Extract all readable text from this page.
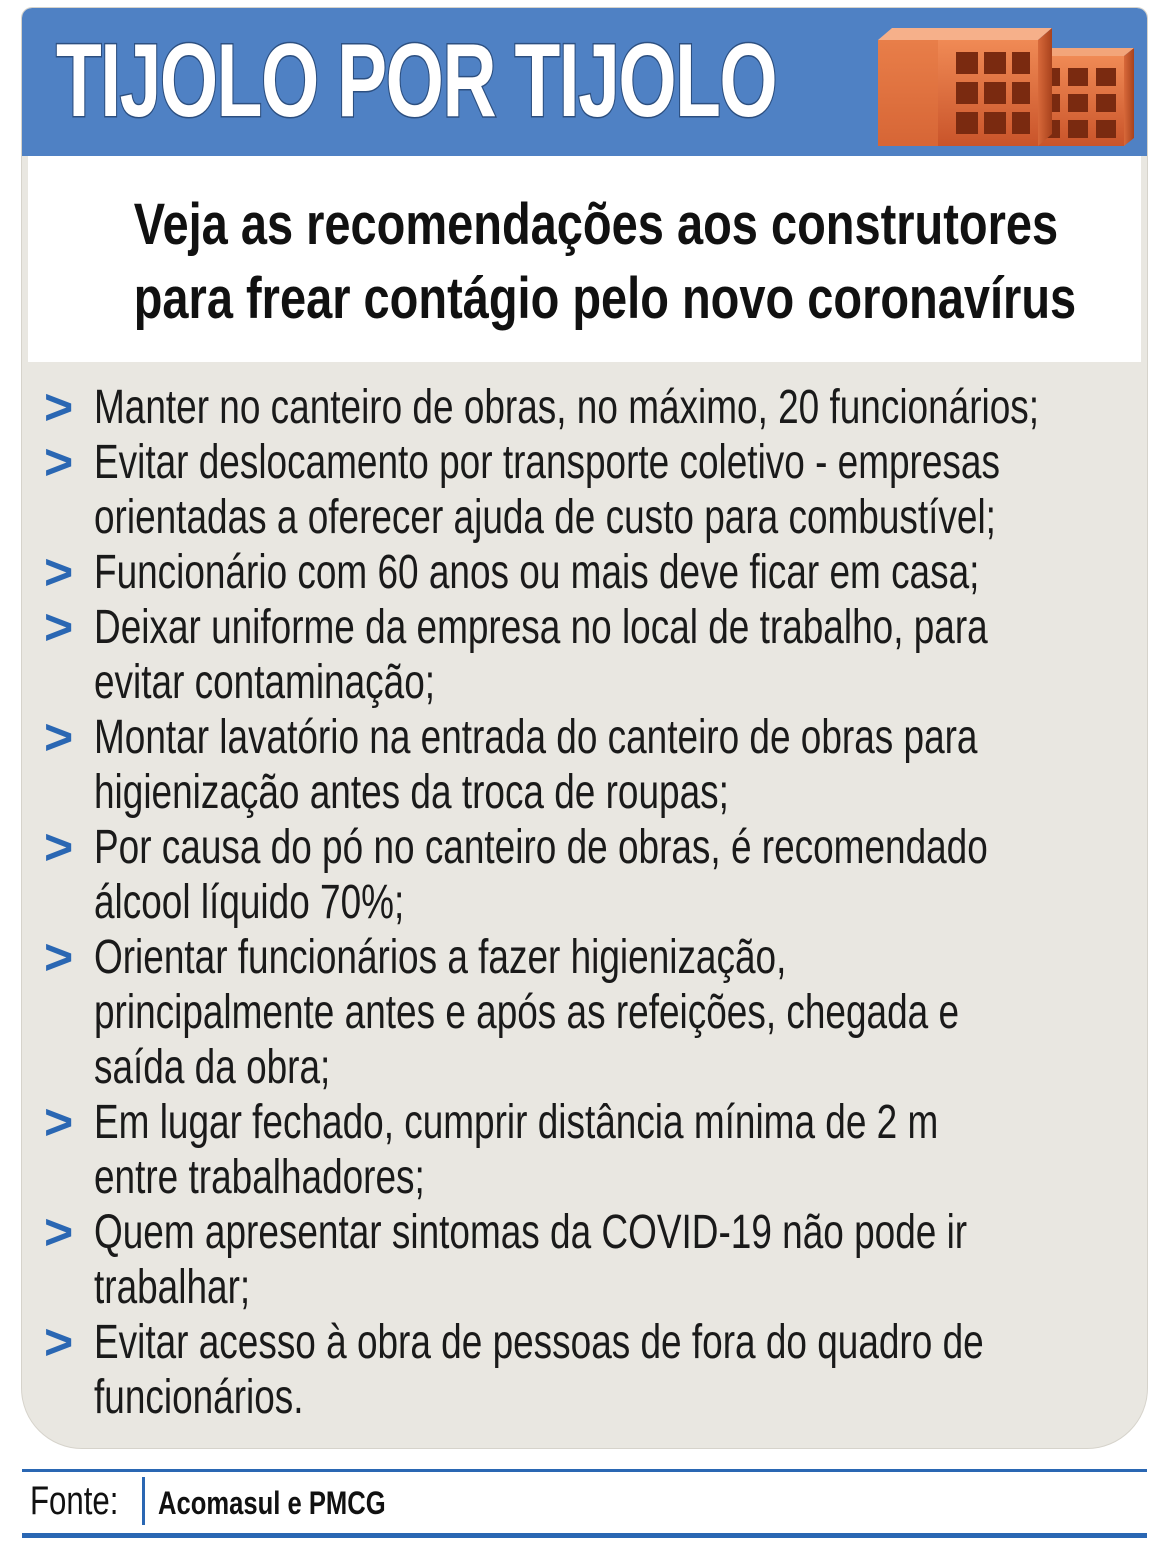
TIJOLO POR TIJOLO
Veja as recomendações aos construtores
para frear contágio pelo novo coronavírus
> Manter no canteiro de obras, no máximo, 20 funcionários;
> Evitar deslocamento por transporte coletivo - empresas
orientadas a oferecer ajuda de custo para combustível;
> Funcionário com 60 anos ou mais deve ficar em casa;
> Deixar uniforme da empresa no local de trabalho, para
evitar contaminação;
> Montar lavatório na entrada do canteiro de obras para
higienização antes da troca de roupas;
> Por causa do pó no canteiro de obras, é recomendado
álcool líquido 70%;
> Orientar funcionários a fazer higienização,
principalmente antes e após as refeições, chegada e
saída da obra;
> Em lugar fechado, cumprir distância mínima de 2 m
entre trabalhadores;
> Quem apresentar sintomas da COVID-19 não pode ir
trabalhar;
> Evitar acesso à obra de pessoas de fora do quadro de
funcionários.
Fonte: Acomasul e PMCG
